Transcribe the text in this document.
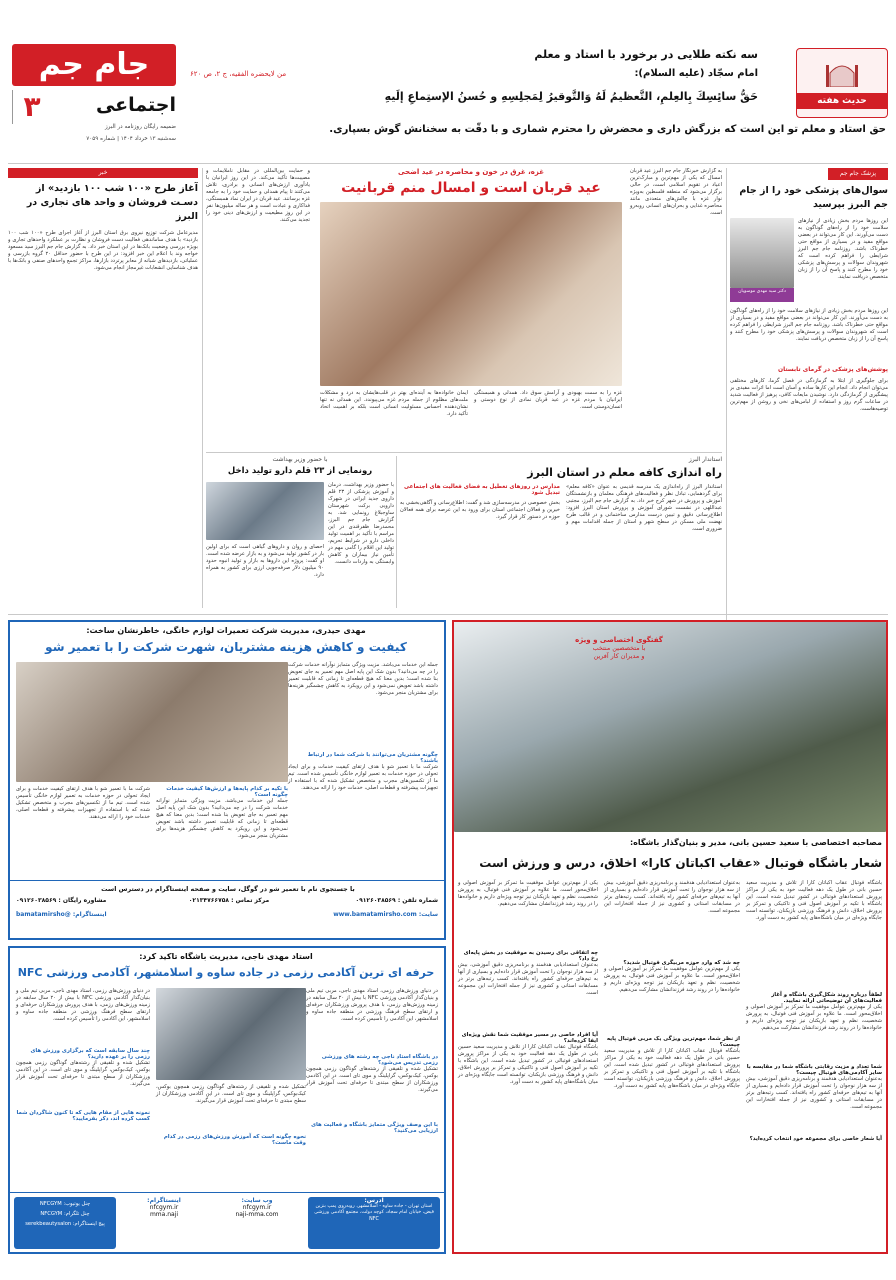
جام جم
اجتماعی
۳
ضمیمه رایگان روزنامه در البرز
سه‌شنبه ۱۳ خرداد ۱۴۰۴ | شماره ۷۰۵۹
سه نکته طلایی در برخورد با استاد و معلم
امام سجّاد (علیه السلام):
من لایحضره الفقیه، ج ۲، ص ۶۲۰
حَقُّ سائِسِكَ بِالعِلمِ، التَّعظيمُ لَهُ وَالتَّوقيرُ لِمَجلِسِهِ و حُسنُ الإستِماعِ إلَيهِ
حق استاد و معلم تو این است که بزرگش داری و محضرش را محترم شماری و با دقّت به سخنانش گوش بسپاری.
حدیث هفته
پزشک جام جم
سوال‌های پزشکی خود را از جام جم البرز بپرسید
دکتر سید مهدی موسویان
این روزها مردم بخش زیادی از نیازهای سلامت خود را از راه‌های گوناگون به دست می‌آورند. این کار می‌تواند در بعضی مواقع مفید و در بسیاری از مواقع حتی خطرناک باشد. روزنامه جام جم البرز شرایطی را فراهم کرده است که شهروندان سوالات و پرسش‌های پزشکی خود را مطرح کنند و پاسخ آن را از زبان متخصص دریافت نمایند.
این روزها مردم بخش زیادی از نیازهای سلامت خود را از راه‌های گوناگون به دست می‌آورند. این کار می‌تواند در بعضی مواقع مفید و در بسیاری از مواقع حتی خطرناک باشد. روزنامه جام جم البرز شرایطی را فراهم کرده است که شهروندان سوالات و پرسش‌های پزشکی خود را مطرح کنند و پاسخ آن را از زبان متخصص دریافت نمایند.
پوشش‌های پزشکی در گرمای تابستان
برای جلوگیری از ابتلا به گرمازدگی در فصل گرما، کارهای مختلفی می‌توان انجام داد. انجام این کارها ساده و آسان است اما اثرات مفیدی بر پیشگیری از گرمازدگی دارد. نوشیدن مایعات کافی، پرهیز از فعالیت شدید در ساعات گرم روز و استفاده از لباس‌های نخی و روشن از مهم‌ترین توصیه‌هاست.
به گزارش خبرنگار جام جم البرز عید قربان امسال که یکی از مهم‌ترین و مبارک‌ترین اعیاد در تقویم اسلامی است، در حالی برگزار می‌شود که منطقه فلسطین به‌ویژه نوار غزه با چالش‌های متعددی مانند محاصره غذایی و بحران‌های انسانی روبه‌رو است.
غزه، غرق در خون و محاصره در عید اضحی
عید قربان است و امسال منم قربانیت
غزه را به سمت بهبودی و آرامش سوق داد. همدلی و همبستگی ایرانیان با مردم غزه در عید قربان نمادی از نوع دوستی و انسان‌دوستی است.
ایمان خانواده‌ها به آینده‌ای بهتر در قلب‌هایشان به درد و مشکلات ملت‌های مظلوم از جمله مردم غزه می‌پیوندد. این همدلی نه تنها نشان‌دهنده احساس مسئولیت انسانی است بلکه بر اهمیت اتحاد تأکید دارد.
و حمایت بین‌المللی در مقابل ناملایمات و مصیبت‌ها تأکید می‌کند. در این روز ایرانیان با یادآوری ارزش‌های انسانی و برادری، تلاش می‌کنند تا پیام همدلی و حمایت خود را به جامعه غزه برسانند. عید قربان در ایران نماد همبستگی، فداکاری و عبادت است و هر ساله میلیون‌ها نفر در این روز مطیعیت و ارزش‌های دینی خود را تجدید می‌کنند.
خبر
آغاز طرح «۱۰۰ شب ۱۰۰ بازدید» از دسـت فروشان و واحد های تجاری در البرز
مدیرعامل شرکت توزیع نیروی برق استان البرز از آغاز اجرای طرح «۱۰۰ شب ۱۰۰ بازدید» با هدف ساماندهی فعالیت دست فروشان و نظارت بر عملکرد واحدهای تجاری و بویژه بررسی وضعیت بانک‌ها در این استان خبر داد. به گزارش جام جم البرز سید مسعود خواجه وند با اعلام این خبر افزود: در این طرح با حضور حداقل ۲۰ گروه بازرسی و عملیاتی، بازدیدهای شبانه از معابر پرتردد بازارها، مراکز تجمع واحدهای صنفی و بانک‌ها با هدف شناسایی انشعابات غیرمجاز انجام می‌شود.
استاندار البرز
راه اندازی کافه معلم در استان البرز
استاندار البرز از راه‌اندازی یک مدرسه قدیمی به عنوان «کافه معلم» برای گردهمایی، تبادل نظر و فعالیت‌های فرهنگی معلمان و بازنشستگان آموزش و پرورش در شهر کرج خبر داد. به گزارش جام جم البرز، مجتبی عبداللهی در نشست شورای آموزش و پرورش استان البرز افزود: اطلاع‌رسانی دقیق و تبیین درست مدارس ساختمانی و در قالب طرح نهضت ملی مسکن در سطح شهر و استان از جمله اقدامات مهم و ضروری است.
مدارس در روزهای تعطیل به فضای فعالیت های اجتماعی تبدیل شود
بخش خصوصی در مدرسه‌سازی شد و گفت: اطلاع‌رسانی و آگاهی‌بخشی به خیرین و فعالان اجتماعی استان برای ورود به این عرصه برای همه فعالان حوزه در دستور کار قرار گیرد.
با حضور وزیر بهداشت
رونمایی از ۲۳ قلم دارو تولید داخل
با حضور وزیر بهداشت، درمان و آموزش پزشکی از ۲۳ قلم داروی جدید ایرانی در شهرک دارویی برکت شهرستان ساوجبلاغ رونمایی شد. به گزارش جام جم البرز، محمدرضا ظفرقندی در این مراسم با تأکید بر اهمیت تولید داخلی دارو در شرایط تحریم، تولید این اقلام را گامی مهم در تأمین نیاز بیماران و کاهش وابستگی به واردات دانست.
احصای و روان و داروهای گیاهی است که برای اولین بار در کشور تولید می‌شود و به بازار عرضه شده است. او گفت: پروژه این داروها به بازار و تولید انبوه حدود ۹۰ میلیون دلار صرفه‌جویی ارزی برای کشور به همراه دارد.
گفتگوی اختصاصی و ویژه
با متخصصین منتخب
و مدیران کار آفرین
مصاحبه اختصاصی با سعید حسین بانی، مدیر و بنیان‌گذار باشگاه:
شعار باشگاه فوتبال «عقاب اکباتان کارا» اخلاق، درس و ورزش است
باشگاه فوتبال عقاب اکباتان کارا از تلاش و مدیریت سعید حسین بانی در طول یک دهه فعالیت خود به یکی از مراکز پرورش استعدادهای فوتبالی در کشور تبدیل شده است. این باشگاه با تکیه بر آموزش اصول فنی و تاکتیکی و تمرکز بر پرورش اخلاق، دانش و فرهنگ ورزشی بازیکنان، توانسته است جایگاه ویژه‌ای در میان باشگاه‌های پایه کشور به دست آورد.
لطفاً درباره روند شکل‌گیری باشگاه و آغاز فعالیت‌های آن توضیحاتی ارائه نمایید.
یکی از مهم‌ترین عوامل موفقیت ما تمرکز بر آموزش اصولی و اخلاق‌محور است. ما علاوه بر آموزش فنی فوتبال، به پرورش شخصیت، نظم و تعهد بازیکنان نیز توجه ویژه‌ای داریم و خانواده‌ها را در روند رشد فرزندانشان مشارکت می‌دهیم.
شما تعداد و مزیت رقابتی باشگاه شما در مقایسه با سایر آکادمی‌های فوتبال چیست؟
به‌عنوان استعدادیابی هدفمند و برنامه‌ریزی دقیق آموزشی، بیش از سه هزار نوجوان را تحت آموزش قرار داده‌ایم و بسیاری از آنها به تیم‌های حرفه‌ای کشور راه یافته‌اند. کسب رتبه‌های برتر در مسابقات استانی و کشوری نیز از جمله افتخارات این مجموعه است.
آیا شعار خاصی برای مجموعه خود انتخاب کرده‌اید؟
به‌عنوان استعدادیابی هدفمند و برنامه‌ریزی دقیق آموزشی، بیش از سه هزار نوجوان را تحت آموزش قرار داده‌ایم و بسیاری از آنها به تیم‌های حرفه‌ای کشور راه یافته‌اند. کسب رتبه‌های برتر در مسابقات استانی و کشوری نیز از جمله افتخارات این مجموعه است.
چه شد که وارد حوزه مربیگری فوتبال شدید؟
یکی از مهم‌ترین عوامل موفقیت ما تمرکز بر آموزش اصولی و اخلاق‌محور است. ما علاوه بر آموزش فنی فوتبال، به پرورش شخصیت، نظم و تعهد بازیکنان نیز توجه ویژه‌ای داریم و خانواده‌ها را در روند رشد فرزندانشان مشارکت می‌دهیم.
از نظر شما، مهم‌ترین ویژگی یک مربی فوتبال پایه چیست؟
باشگاه فوتبال عقاب اکباتان کارا از تلاش و مدیریت سعید حسین بانی در طول یک دهه فعالیت خود به یکی از مراکز پرورش استعدادهای فوتبالی در کشور تبدیل شده است. این باشگاه با تکیه بر آموزش اصول فنی و تاکتیکی و تمرکز بر پرورش اخلاق، دانش و فرهنگ ورزشی بازیکنان، توانسته است جایگاه ویژه‌ای در میان باشگاه‌های پایه کشور به دست آورد.
یکی از مهم‌ترین عوامل موفقیت ما تمرکز بر آموزش اصولی و اخلاق‌محور است. ما علاوه بر آموزش فنی فوتبال، به پرورش شخصیت، نظم و تعهد بازیکنان نیز توجه ویژه‌ای داریم و خانواده‌ها را در روند رشد فرزندانشان مشارکت می‌دهیم.
چه اتفاقی برای رسیدن به موفقیت در بخش پایه‌ای رخ داد؟
به‌عنوان استعدادیابی هدفمند و برنامه‌ریزی دقیق آموزشی، بیش از سه هزار نوجوان را تحت آموزش قرار داده‌ایم و بسیاری از آنها به تیم‌های حرفه‌ای کشور راه یافته‌اند. کسب رتبه‌های برتر در مسابقات استانی و کشوری نیز از جمله افتخارات این مجموعه است.
آیا افراد خاصی در مسیر موفقیت شما نقش ویژه‌ای ایفا کرده‌اند؟
باشگاه فوتبال عقاب اکباتان کارا از تلاش و مدیریت سعید حسین بانی در طول یک دهه فعالیت خود به یکی از مراکز پرورش استعدادهای فوتبالی در کشور تبدیل شده است. این باشگاه با تکیه بر آموزش اصول فنی و تاکتیکی و تمرکز بر پرورش اخلاق، دانش و فرهنگ ورزشی بازیکنان، توانسته است جایگاه ویژه‌ای در میان باشگاه‌های پایه کشور به دست آورد.
مهدی حیدری، مدیریت شرکت تعمیرات لوازم خانگی، خاطرنشان ساخت:
کیفیت و کاهش هزینه مشتریان، شهرت شرکت را با تعمیر شو
جمله این خدمات می‌باشد. مزیت ویژگی متمایز نوآرانه خدمات شرکت را در چه می‌دانید؟ بدون شک این پایه اصل مهم تعمیر به جای تعویض بنا شده است؛ بدین معنا که هیچ قطعه‌ای تا زمانی که قابلیت تعمیر داشته باشد تعویض نمی‌شود و این رویکرد به کاهش چشمگیر هزینه‌ها برای مشتریان منجر می‌شود.
چگونه مشتریان می‌توانند با شرکت شما در ارتباط باشند؟
شرکت ما با تعمیر شو با هدف ارتقای کیفیت خدمات و برای ایجاد تحولی در حوزه خدمات به تعمیر لوازم خانگی تأسیس شده است. تیم ما از تکنسین‌های مجرب و متخصص تشکیل شده که با استفاده از تجهیزات پیشرفته و قطعات اصلی، خدمات خود را ارائه می‌دهند.
با تکیه بر کدام پایه‌ها و ارزش‌ها کیفیت خدمات چگونه است؟
جمله این خدمات می‌باشد. مزیت ویژگی متمایز نوآرانه خدمات شرکت را در چه می‌دانید؟ بدون شک این پایه اصل مهم تعمیر به جای تعویض بنا شده است؛ بدین معنا که هیچ قطعه‌ای تا زمانی که قابلیت تعمیر داشته باشد تعویض نمی‌شود و این رویکرد به کاهش چشمگیر هزینه‌ها برای مشتریان منجر می‌شود.
شرکت ما با تعمیر شو با هدف ارتقای کیفیت خدمات و برای ایجاد تحولی در حوزه خدمات به تعمیر لوازم خانگی تأسیس شده است. تیم ما از تکنسین‌های مجرب و متخصص تشکیل شده که با استفاده از تجهیزات پیشرفته و قطعات اصلی، خدمات خود را ارائه می‌دهند.
با جستجوی نام با تعمیر شو در گوگل، سایت و صفحه اینستاگرام در دسترس است
شماره تلفن : ۰۹۱۲۶۰۳۸۵۶۹
مرکز تماس : ۰۲۱۳۴۷۶۶۷۵۸
مشاوره رایگان : ۰۹۱۲۶۰۳۸۵۶۹
سایت: www.bamatamirsho.com
اینستاگرام: @bamatamirsho
استاد مهدی ناجی، مدیریت باشگاه تاکید کرد:
حرفه ای ترین آکادمی رزمی در جاده ساوه و اسلامشهر، آکادمی ورزشی NFC
در دنیای ورزش‌های رزمی، استاد مهدی ناجی، مربی تیم ملی و بنیان‌گذار آکادمی ورزشی NFC با بیش از ۲۰ سال سابقه در زمینه ورزش‌های رزمی، با هدف پرورش ورزشکاران حرفه‌ای و ارتقای سطح فرهنگ ورزشی در منطقه جاده ساوه و اسلامشهر، این آکادمی را تأسیس کرده است.
در باشگاه استاد ناجی چه رشته های ورزشی رزمی تدریس می‌شود؟
تشکیل شده و تلفیقی از رشته‌های گوناگون رزمی همچون بوکس، کیک‌بوکس، گراپلینگ و موی تای است. در این آکادمی ورزشکاران از سطح مبتدی تا حرفه‌ای تحت آموزش قرار می‌گیرند.
با این وصف ویژگی متمایز باشگاه و فعالیت های ارزیابی می‌کنید؟
تشکیل شده و تلفیقی از رشته‌های گوناگون رزمی همچون بوکس، کیک‌بوکس، گراپلینگ و موی تای است. در این آکادمی ورزشکاران از سطح مبتدی تا حرفه‌ای تحت آموزش قرار می‌گیرند.
نحوه چگونه است که آموزش ورزش‌های رزمی در کدام وقت ماست؟
در دنیای ورزش‌های رزمی، استاد مهدی ناجی، مربی تیم ملی و بنیان‌گذار آکادمی ورزشی NFC با بیش از ۲۰ سال سابقه در زمینه ورزش‌های رزمی، با هدف پرورش ورزشکاران حرفه‌ای و ارتقای سطح فرهنگ ورزشی در منطقه جاده ساوه و اسلامشهر، این آکادمی را تأسیس کرده است.
چند سال سابقه است که برگزاری ورزش های رزمی را بر عهده دارید؟
تشکیل شده و تلفیقی از رشته‌های گوناگون رزمی همچون بوکس، کیک‌بوکس، گراپلینگ و موی تای است. در این آکادمی ورزشکاران از سطح مبتدی تا حرفه‌ای تحت آموزش قرار می‌گیرند.
نمونه هایی از مقام هایی که تا کنون شاگردان شما کسب کرده اند، ذکر بفرمایید؟
آدرس:
استان تهران - جاده ساوه - اسلامشهر، روبه‌روی پمپ بنزین فیض، خیابان امام سجاد، کوچه دولت، مجتمع آکادمی ورزشی NFC
وب سایت:
nfcgym.ir
naji-mma.com
اینستاگرام:
nfcgym.ir
mma.naji
چنل یوتیوب: NFCGYM
چنل تلگرام: NFCGYM
پیج اینستاگرام: serekbeautysalon
